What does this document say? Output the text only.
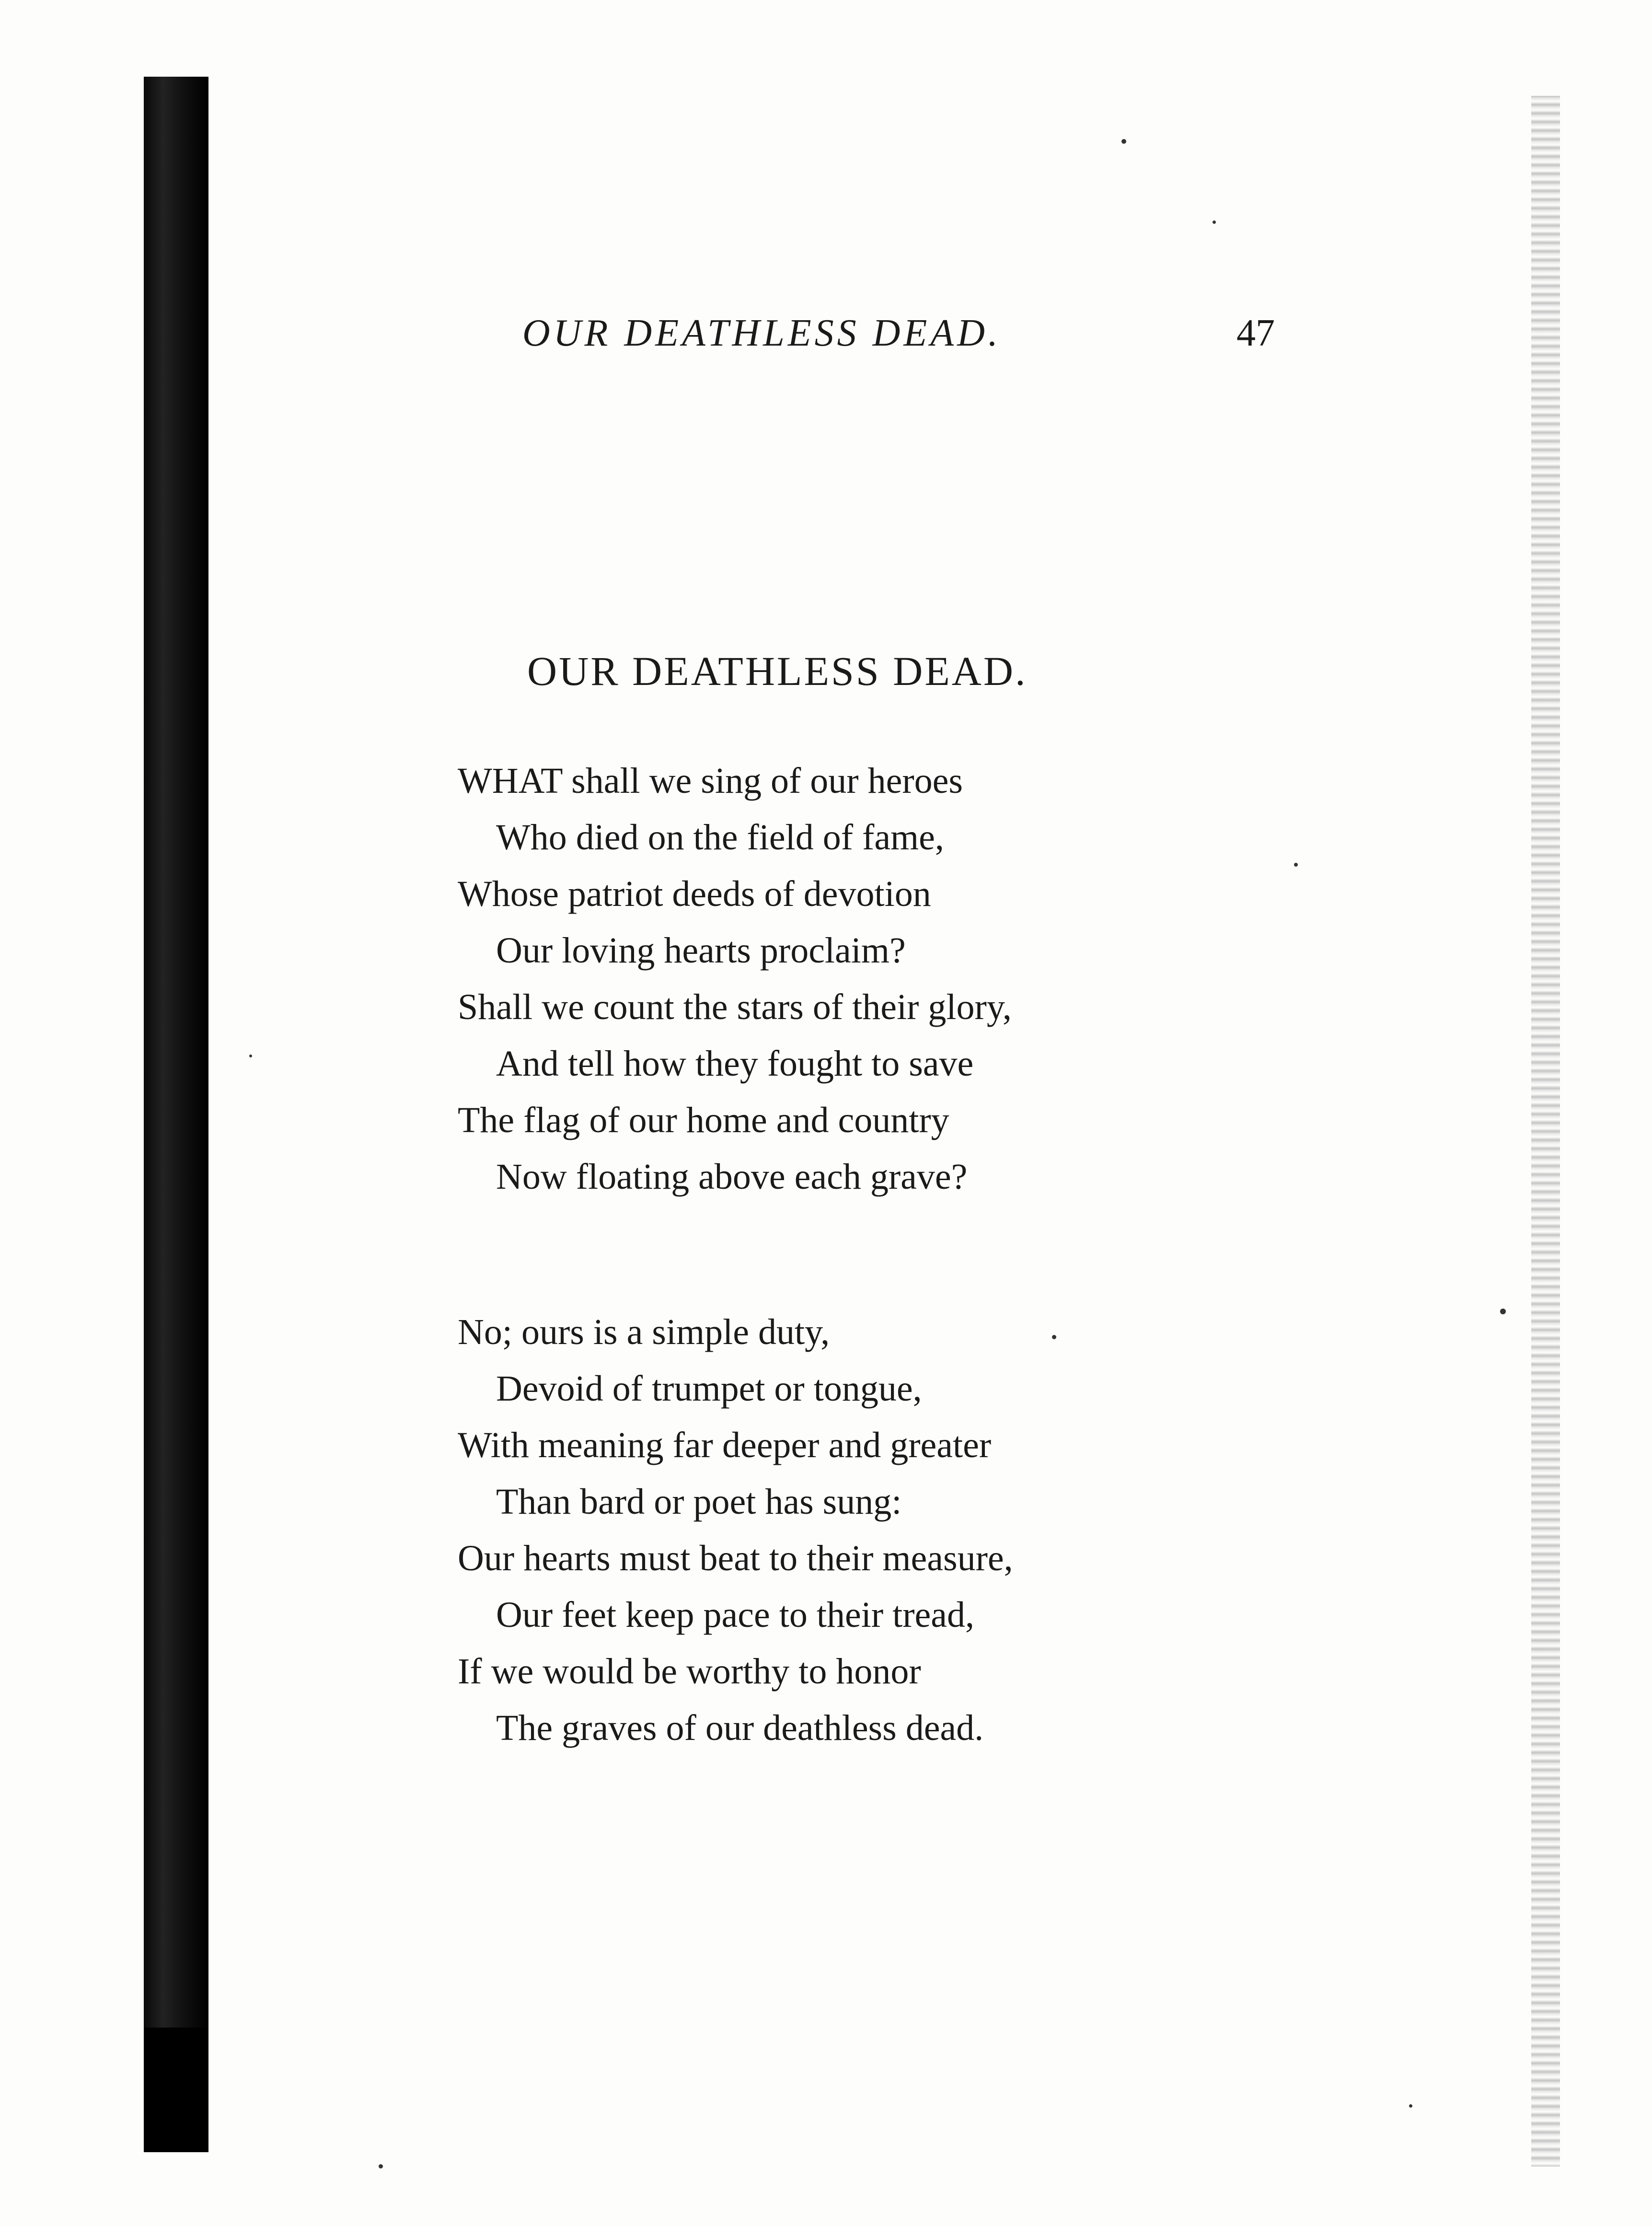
OUR DEATHLESS DEAD.	47
OUR DEATHLESS DEAD.
WHAT shall we sing of our heroes
Who died on the field of fame,
Whose patriot deeds of devotion
Our loving hearts proclaim?
Shall we count the stars of their glory,
And tell how they fought to save
The flag of our home and country
Now floating above each grave?
No; ours is a simple duty,
Devoid of trumpet or tongue,
With meaning far deeper and greater
Than bard or poet has sung:
Our hearts must beat to their measure,
Our feet keep pace to their tread,
If we would be worthy to honor
The graves of our deathless dead.
